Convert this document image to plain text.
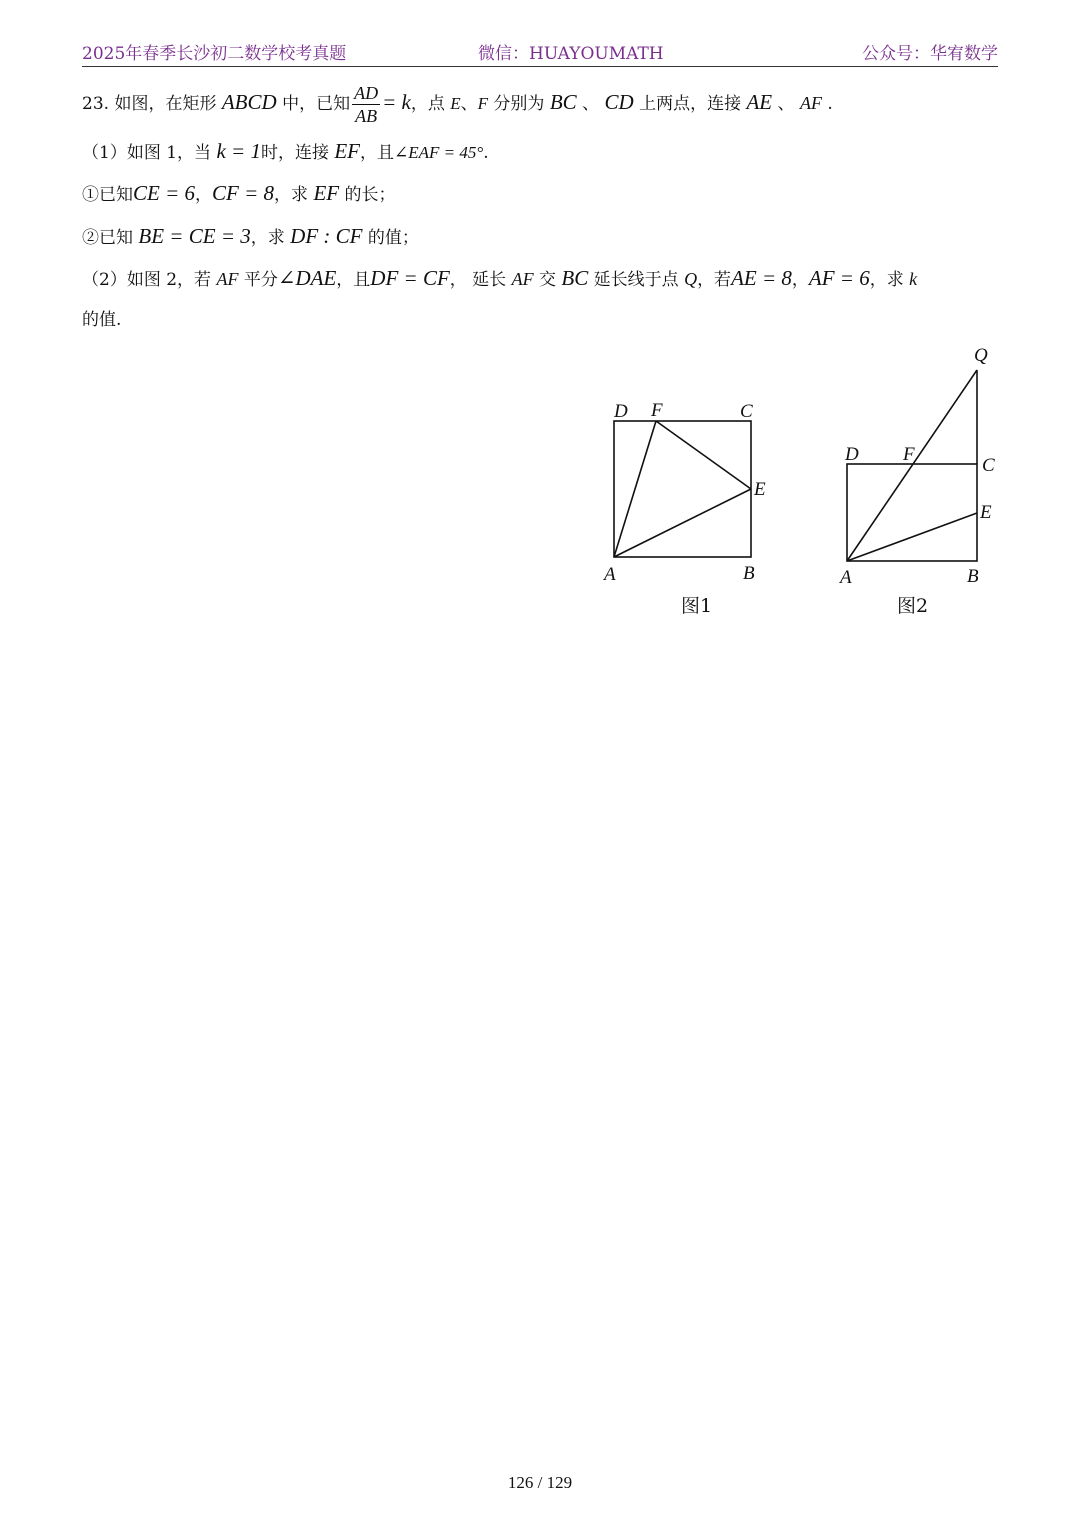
2025年春季长沙初二数学校考真题	微信：HUAYOUMATH	公众号：华宥数学
23. 如图，在矩形 ABCD 中，已知 $\frac{AD}{AB} = k$，点 E、F 分别为 BC 、 CD 上两点，连接 AE 、 AF .
（1）如图 1，当 k = 1时，连接 EF，且∠EAF = 45°.
①已知CE = 6，CF = 8，求 EF 的长；
②已知 BE = CE = 3，求 DF : CF 的值；
（2）如图 2，若 AF 平分∠DAE，且DF = CF， 延长 AF 交 BC 延长线于点 Q，若AE = 8，AF = 6，求 k
的值.
D F	C
E
A	B
图1
Q
D F
C
E
A	B
图2
126 / 129
